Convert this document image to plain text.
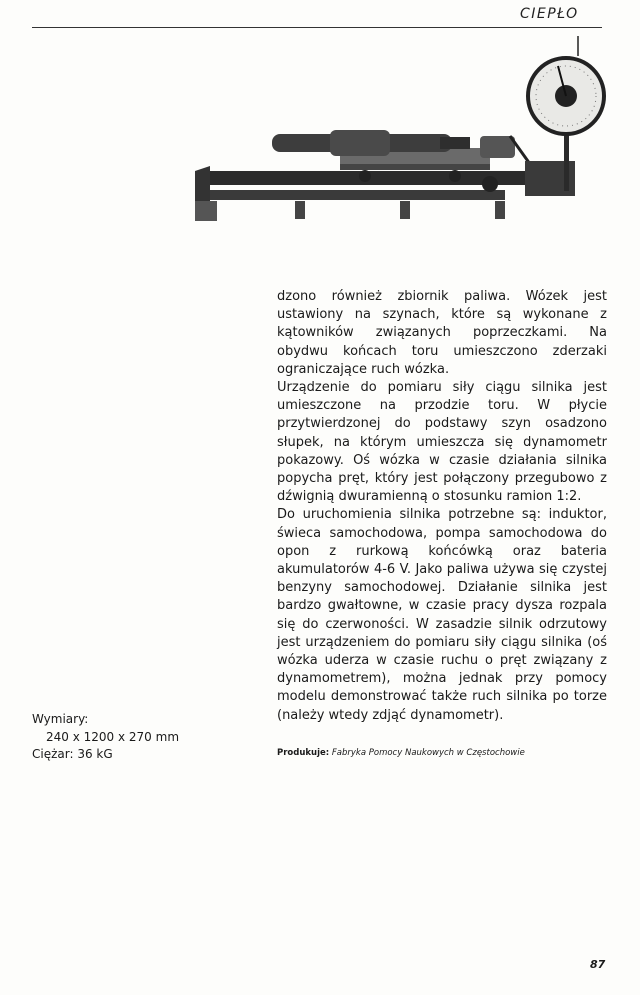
CIEPŁO

dzono również zbiornik paliwa. Wózek jest ustawiony na szynach, które są wykonane z kątowników związanych poprzeczkami. Na obydwu końcach toru umieszczono zderzaki ograniczające ruch wózka.

Urządzenie do pomiaru siły ciągu silnika jest umieszczone na przodzie toru. W płycie przytwierdzonej do podstawy szyn osadzono słupek, na którym umieszcza się dynamometr pokazowy. Oś wózka w czasie działania silnika popycha pręt, który jest połączony przegubowo z dźwignią dwuramienną o stosunku ramion 1:2.

Do uruchomienia silnika potrzebne są: induktor, świeca samochodowa, pompa samochodowa do opon z rurkową końcówką oraz bateria akumulatorów 4-6 V. Jako paliwa używa się czystej benzyny samochodowej. Działanie silnika jest bardzo gwałtowne, w czasie pracy dysza rozpala się do czerwoności. W zasadzie silnik odrzutowy jest urządzeniem do pomiaru siły ciągu silnika (oś wózka uderza w czasie ruchu o pręt związany z dynamometrem), można jednak przy pomocy modelu demonstrować także ruch silnika po torze (należy wtedy zdjąć dynamometr).

Wymiary:
240 x 1200 x 270 mm
Ciężar: 36 kG	Produkuje: Fabryka Pomocy Naukowych w Częstochowie
87
